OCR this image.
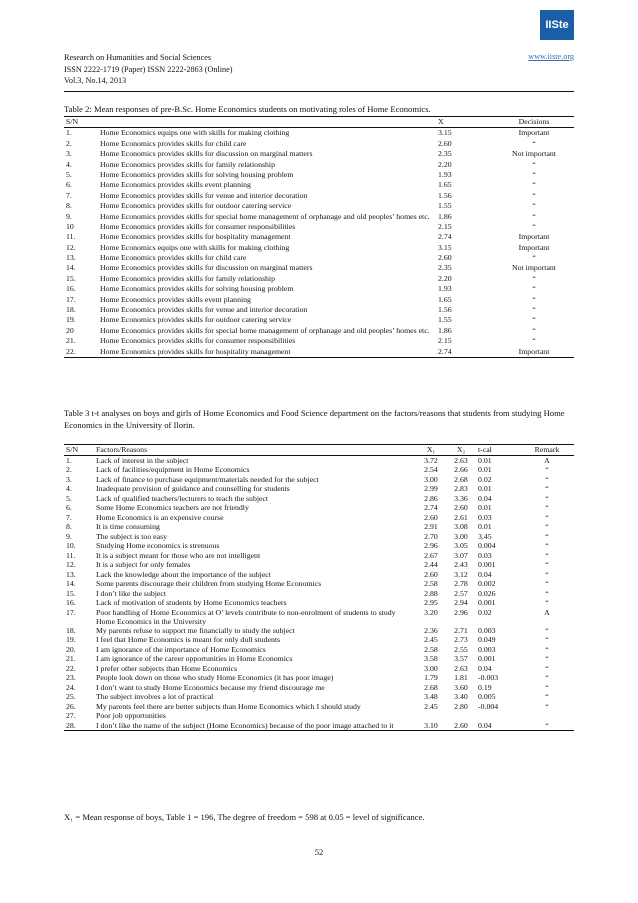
IISte
Research on Humanities and Social Sciences
ISSN 2222-1719 (Paper) ISSN 2222-2863 (Online)
Vol.3, No.14, 2013
www.iiste.org
Table 2: Mean responses of pre-B.Sc. Home Economics students on motivating roles of Home Economics.
S/N		X	Decisions
1.	Home Economics equips one with skills for making clothing	3.15	Important
2.	Home Economics provides skills for child care	2.60	“
3.	Home Economics provides skills for discussion on marginal matters	2.35	Not important
4.	Home Economics provides skills for family relationship	2.20	“
5.	Home Economics provides skills for solving housing problem	1.93	“
6.	Home Economics provides skills event planning	1.65	“
7.	Home Economics provides skills for venue and interior decoration	1.56	“
8.	Home Economics provides skills for outdoor catering service	1.55	“
9.	Home Economics provides skills for special home management of orphanage and old peoples’ homes etc.	1.86	“
10	Home Economics provides skills for consumer responsibilities	2.15	“
11.	Home Economics provides skills for hospitality management	2.74	Important
12.	Home Economics equips one with skills for making clothing	3.15	Important
13.	Home Economics provides skills for child care	2.60	“
14.	Home Economics provides skills for discussion on marginal matters	2.35	Not important
15.	Home Economics provides skills for family relationship	2.20	“
16.	Home Economics provides skills for solving housing problem	1.93	“
17.	Home Economics provides skills event planning	1.65	“
18.	Home Economics provides skills for venue and interior decoration	1.56	“
19.	Home Economics provides skills for outdoor catering service	1.55	“
20	Home Economics provides skills for special home management of orphanage and old peoples’ homes etc.	1.86	“
21.	Home Economics provides skills for consumer responsibilities	2.15	“
22.	Home Economics provides skills for hospitality management	2.74	Important
Table 3 t-t analyses on boys and girls of Home Economics and Food Science department on the factors/reasons that students from studying Home Economics in the University of Ilorin.
S/N	Factors/Reasons	X₁	X₂	t-cal	Remark
1.	Lack of interest in the subject	3.72	2.63	0.01	A
2.	Lack of facilities/equipment in Home Economics	2.54	2.66	0.01	“
3.	Lack of finance to purchase equipment/materials needed for the subject	3.00	2.68	0.02	“
4.	Inadequate provision of guidance and counselling for students	2.99	2.83	0.01	“
5.	Lack of qualified teachers/lecturers to teach the subject	2.86	3.36	0.04	“
6.	Some Home Economics teachers are not friendly	2.74	2.60	0.01	“
7.	Home Economics is an expensive course	2.60	2.61	0.03	“
8.	It is time consuming	2.91	3.08	0.01	“
9.	The subject is too easy	2.70	3.00	3.45	“
10.	Studying Home economics is strenuous	2.96	3.05	0.004	“
11.	It is a subject meant for those who are not intelligent	2.67	3.07	0.03	“
12.	It is a subject for only females	2.44	2.43	0.001	“
13.	Lack the knowledge about the importance of the subject	2.60	3.12	0.04	“
14.	Some parents discourage their children from studying Home Economics	2.58	2.78	0.002	“
15.	I don’t like the subject	2.88	2.57	0.026	“
16.	Lack of motivation of students by Home Economics teachers	2.95	2.94	0.001	“
17.	Poor handling of Home Economics at O’ levels contribute to non-enrolment of students to study Home Economics in the University	3.20	2.96	0.02	A
18.	My parents refuse to support me financially to study the subject	2.36	2.71	0.003	“
19.	I feel that Home Economics is meant for only dull students	2.45	2.73	0.049	“
20.	I am ignorance of the importance of Home Economics	2.58	2.55	0.003	“
21.	I am ignorance of the career opportunities in Home Economics	3.58	3.57	0.001	“
22.	I prefer other subjects than Home Economics	3.00	2.63	0.04	“
23.	People look down on those who study Home Economics (it has poor image)	1.79	1.81	-0.003	“
24.	I don’t want to study Home Economics because my friend discourage me	2.68	3.60	0.19	“
25.	The subject involves a lot of practical	3.48	3.40	0.005	“
26.	My parents feel there are better subjects than Home Economics which I should study	2.45	2.80	-0.004	“
27.	Poor job opportunities				
28.	I don’t like the name of the subject (Home Economics) because of the poor image attached to it	3.10	2.60	0.04	“
X₁ = Mean response of boys, Table 1 = 196, The degree of freedom = 598 at 0.05 = level of significance.
52
